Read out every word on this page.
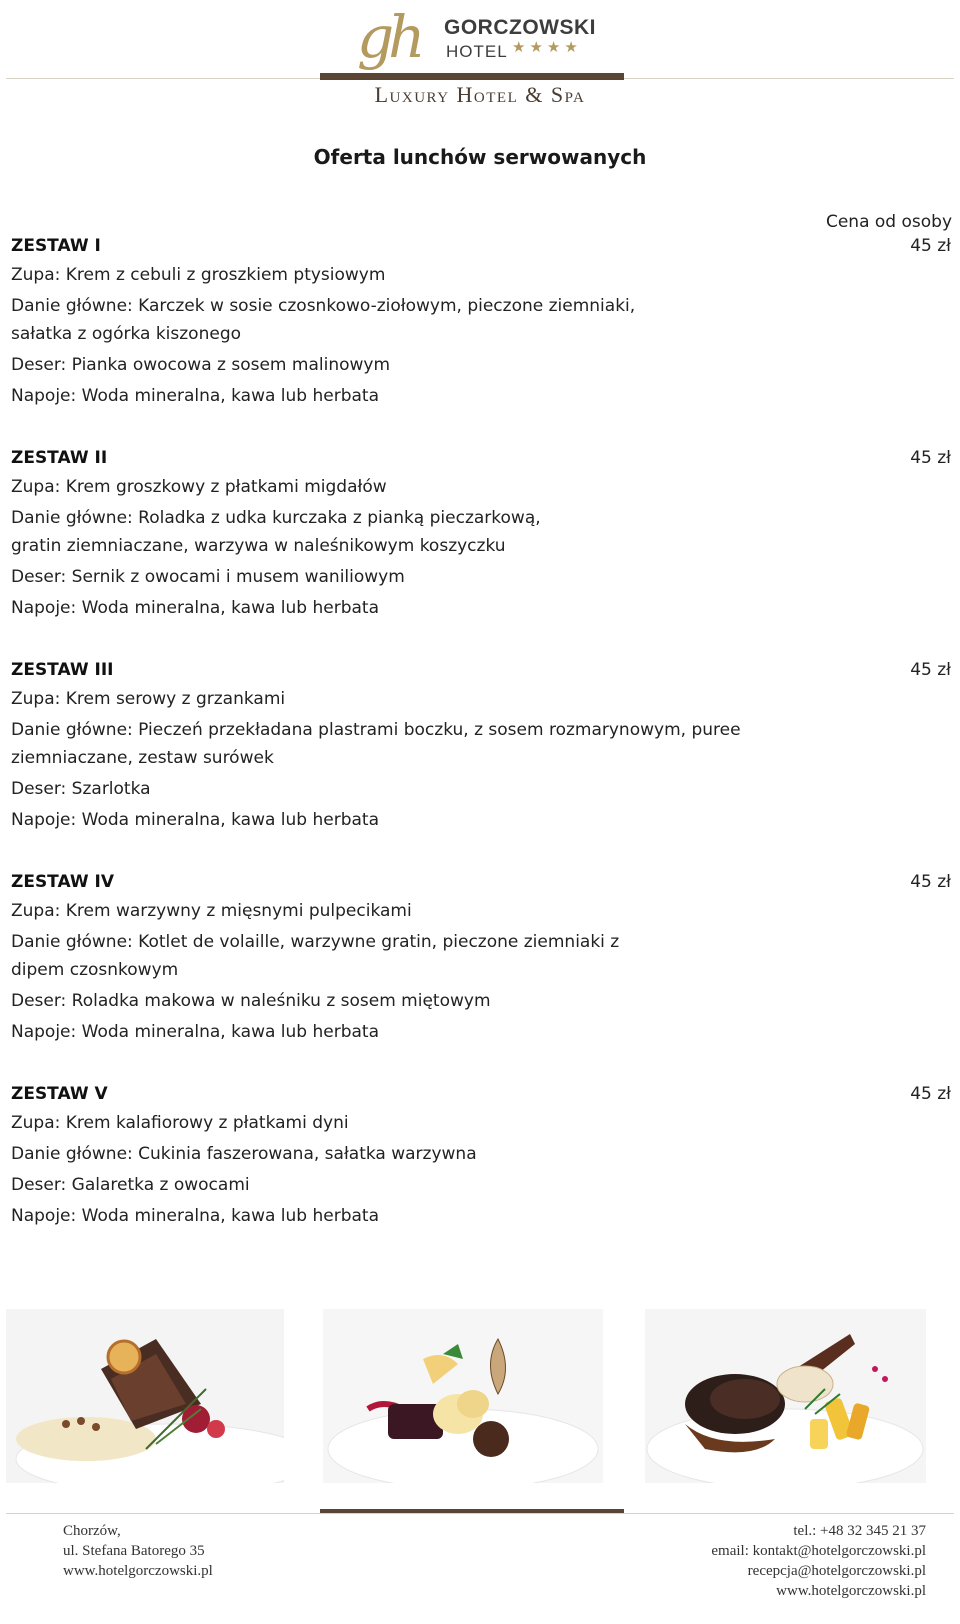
gh	GORCZOWSKI
HOTEL ★★★★
Luxury Hotel & Spa
Oferta lunchów serwowanych
Cena od osoby
ZESTAW I	45 zł
Zupa: Krem z cebuli z groszkiem ptysiowym
Danie główne: Karczek w sosie czosnkowo-ziołowym, pieczone ziemniaki, sałatka z ogórka kiszonego
Deser: Pianka owocowa z sosem malinowym
Napoje: Woda mineralna, kawa lub herbata
ZESTAW II	45 zł
Zupa: Krem groszkowy z płatkami migdałów
Danie główne: Roladka z udka kurczaka z pianką pieczarkową, gratin ziemniaczane, warzywa w naleśnikowym koszyczku
Deser: Sernik z owocami i musem waniliowym
Napoje: Woda mineralna, kawa lub herbata
ZESTAW III	45 zł
Zupa: Krem serowy z grzankami
Danie główne: Pieczeń przekładana plastrami boczku, z sosem rozmarynowym, puree ziemniaczane, zestaw surówek
Deser: Szarlotka
Napoje: Woda mineralna, kawa lub herbata
ZESTAW IV	45 zł
Zupa: Krem warzywny z mięsnymi pulpecikami
Danie główne: Kotlet de volaille, warzywne gratin, pieczone ziemniaki z dipem czosnkowym
Deser: Roladka makowa w naleśniku z sosem miętowym
Napoje: Woda mineralna, kawa lub herbata
ZESTAW V	45 zł
Zupa: Krem kalafiorowy z płatkami dyni
Danie główne: Cukinia faszerowana, sałatka warzywna
Deser: Galaretka z owocami
Napoje: Woda mineralna, kawa lub herbata
Chorzów,
ul. Stefana Batorego 35
www.hotelgorczowski.pl
tel.: +48 32 345 21 37
email: kontakt@hotelgorczowski.pl
recepcja@hotelgorczowski.pl
www.hotelgorczowski.pl
